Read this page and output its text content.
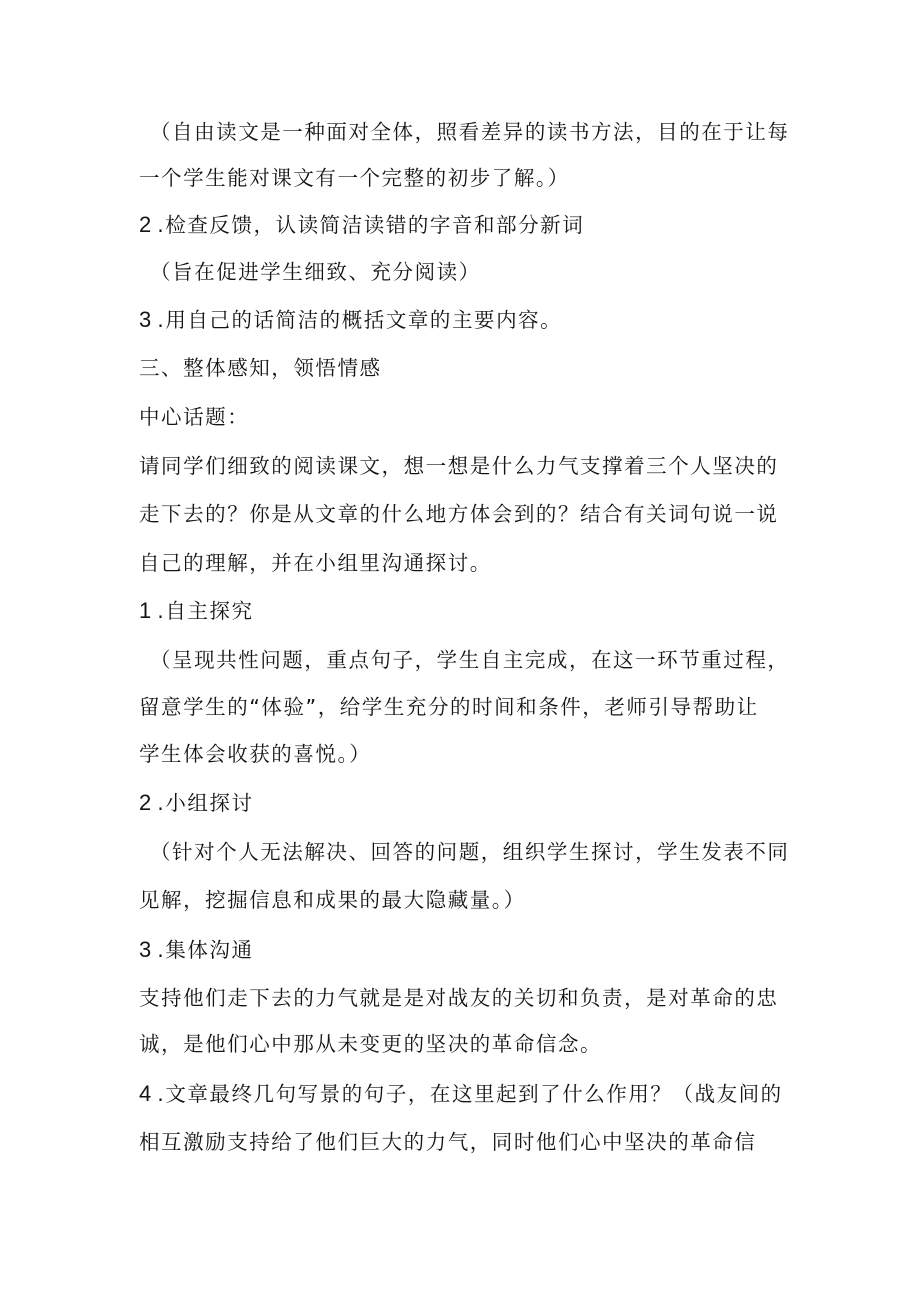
（自由读文是一种面对全体，照看差异的读书方法，目的在于让每
一个学生能对课文有一个完整的初步了解。）
2 .检查反馈，认读简洁读错的字音和部分新词
（旨在促进学生细致、充分阅读）
3 .用自己的话简洁的概括文章的主要内容。
三、整体感知，领悟情感
中心话题：
请同学们细致的阅读课文，想一想是什么力气支撑着三个人坚决的
走下去的？你是从文章的什么地方体会到的？结合有关词句说一说
自己的理解，并在小组里沟通探讨。
1 .自主探究
（呈现共性问题，重点句子，学生自主完成，在这一环节重过程，
留意学生的“体验”，给学生充分的时间和条件，老师引导帮助让
学生体会收获的喜悦。）
2 .小组探讨
（针对个人无法解决、回答的问题，组织学生探讨，学生发表不同
见解，挖掘信息和成果的最大隐藏量。）
3 .集体沟通
支持他们走下去的力气就是是对战友的关切和负责，是对革命的忠
诚，是他们心中那从未变更的坚决的革命信念。
4 .文章最终几句写景的句子，在这里起到了什么作用？（战友间的
相互激励支持给了他们巨大的力气，同时他们心中坚决的革命信
